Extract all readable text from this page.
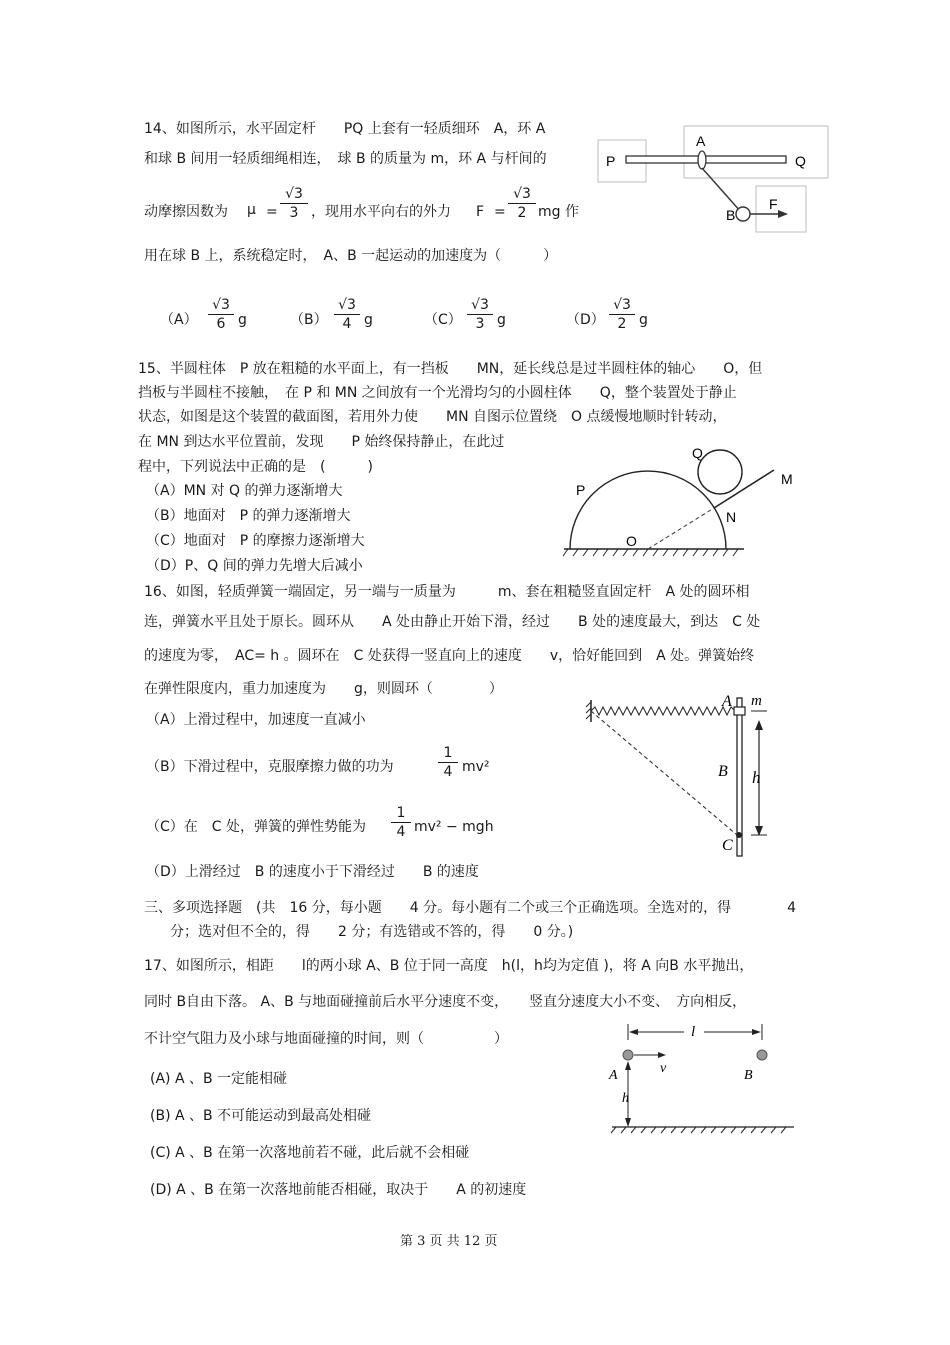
14、如图所示，水平固定杆　　PQ 上套有一轻质细环　A，环 A
和球 B 间用一轻质细绳相连，　球 B 的质量为 m，环 A 与杆间的
动摩擦因数为 $\mu = \frac{√3}{3}$ ，现用水平向右的外力 $F = \frac{√3}{2}$ mg 作
用在球 B 上，系统稳定时，　A、B 一起运动的加速度为（　　　）
$(A) \frac{√3}{6}$ g	$(B) \frac{√3}{4}$ g	$(C) \frac{√3}{3}$ g	$(D) \frac{√3}{2}$ g
P	Q
A
B
F
15、半圆柱体　P 放在粗糙的水平面上，有一挡板　　MN，延长线总是过半圆柱体的轴心　　O，但
挡板与半圆柱不接触，　在 P 和 MN 之间放有一个光滑均匀的小圆柱体　　Q，整个装置处于静止
状态，如图是这个装置的截面图，若用外力使　　MN 自图示位置绕　O 点缓慢地顺时针转动，
在 MN 到达水平位置前，发现　　P 始终保持静止，在此过
程中，下列说法中正确的是　(　　　)
（A）MN 对 Q 的弹力逐渐增大
（B）地面对　P 的弹力逐渐增大
（C）地面对　P 的摩擦力逐渐增大
（D）P、Q 间的弹力先增大后减小
Q
P
M
N
O
16、如图，轻质弹簧一端固定，另一端与一质量为　　　m、套在粗糙竖直固定杆　A 处的圆环相
连，弹簧水平且处于原长。圆环从　　A 处由静止开始下滑，经过　　B 处的速度最大，到达　C 处
的速度为零，　AC= h 。圆环在　C 处获得一竖直向上的速度　　v，恰好能回到　A 处。弹簧始终
在弹性限度内，重力加速度为　　g，则圆环（　　　　）
（A）上滑过程中，加速度一直减小
（B）下滑过程中，克服摩擦力做的功为	$\frac{1}{4} mv^2$
（C）在　C 处，弹簧的弹性势能为 $\frac{1}{4} mv^2$ − mgh
（D）上滑经过　B 的速度小于下滑经过　　B 的速度
A m
B h
C
三、多项选择题　(共　16 分，每小题　　4 分。每小题有二个或三个正确选项。全选对的，得　　　　4
分；选对但不全的，得　　2 分；有选错或不答的，得　　0 分。)
17、如图所示，相距　　l的两小球 A、B 位于同一高度　h(l，h均为定值 )，将 A 向B 水平抛出，
同时 B自由下落。 A、B 与地面碰撞前后水平分速度不变，　　竖直分速度大小不变、　方向相反，
不计空气阻力及小球与地面碰撞的时间，则（　　　　　）
(A) A 、B 一定能相碰
(B) A 、B 不可能运动到最高处相碰
(C) A 、B 在第一次落地前若不碰，此后就不会相碰
(D) A 、B 在第一次落地前能否相碰，取决于　　A 的初速度
l
v
A	B
h
第 3 页 共 12 页
